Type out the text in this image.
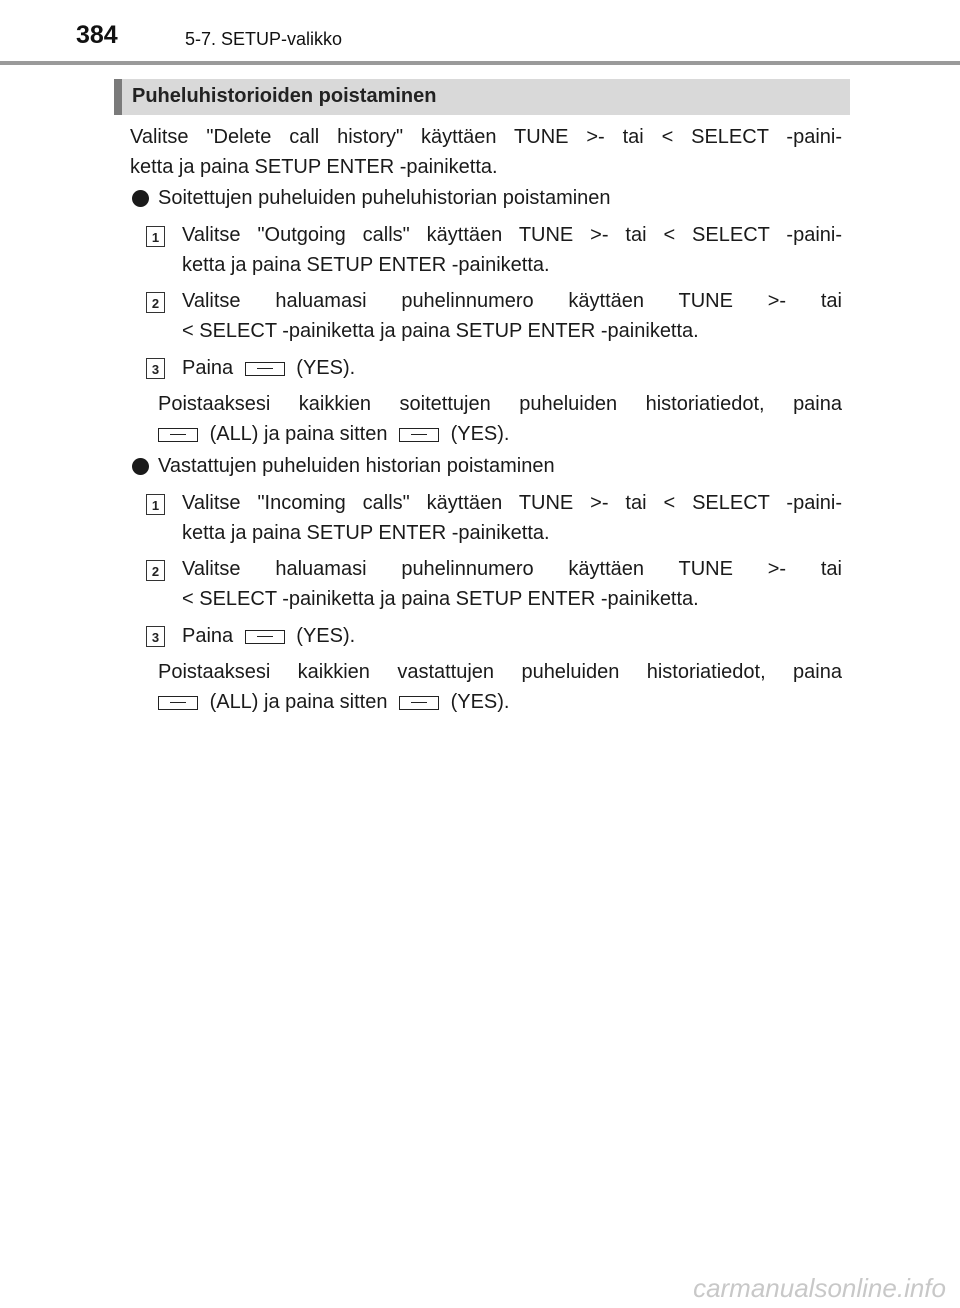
384	5-7. SETUP-valikko
Puheluhistorioiden poistaminen
Valitse "Delete call history" käyttäen TUNE >- tai < SELECT -paini-
ketta ja paina SETUP ENTER -painiketta.
Soitettujen puheluiden puheluhistorian poistaminen
1 Valitse "Outgoing calls" käyttäen TUNE >- tai < SELECT -paini-
ketta ja paina SETUP ENTER -painiketta.
2 Valitse haluamasi puhelinnumero käyttäen TUNE >- tai
< SELECT -painiketta ja paina SETUP ENTER -painiketta.
3 Paina	(YES).
Poistaaksesi kaikkien soitettujen puheluiden historiatiedot, paina
(ALL) ja paina sitten	(YES).
Vastattujen puheluiden historian poistaminen
1 Valitse "Incoming calls" käyttäen TUNE >- tai < SELECT -paini-
ketta ja paina SETUP ENTER -painiketta.
2 Valitse haluamasi puhelinnumero käyttäen TUNE >- tai
< SELECT -painiketta ja paina SETUP ENTER -painiketta.
3 Paina	(YES).
Poistaaksesi kaikkien vastattujen puheluiden historiatiedot, paina
(ALL) ja paina sitten	(YES).
carmanualsonline.info
